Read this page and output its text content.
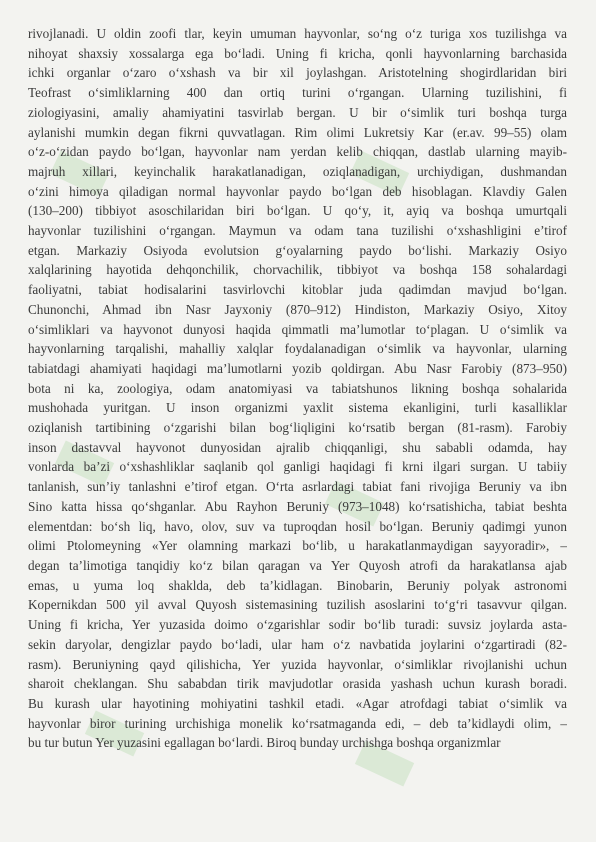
▮	▮
▮
▮
▮	▮
rivojlanadi. U oldin zoofi tlar, keyin umuman hayvonlar, so‘ng o‘z turiga xos tuzilishga va
nihoyat shaxsiy xossalarga ega bo‘ladi. Uning fi kricha, qonli hayvonlarning barchasida
ichki organlar o‘zaro o‘xshash va bir xil joylashgan. Aristotelning shogirdlaridan biri
Teofrast o‘simliklarning 400 dan ortiq turini o‘rgangan. Ularning tuzilishini, fi
ziologiyasini, amaliy ahamiyatini tasvirlab bergan. U bir o‘simlik turi boshqa turga
aylanishi mumkin degan fikrni quvvatlagan. Rim olimi Lukretsiy Kar (er.av. 99–55) olam
o‘z-o‘zidan paydo bo‘lgan, hayvonlar nam yerdan kelib chiqqan, dastlab ularning mayib-
majruh xillari, keyinchalik harakatlanadigan, oziqlanadigan, urchiydigan, dushmandan
o‘zini himoya qiladigan normal hayvonlar paydo bo‘lgan deb hisoblagan. Klavdiy Galen
(130–200) tibbiyot asoschilaridan biri bo‘lgan. U qo‘y, it, ayiq va boshqa umurtqali
hayvonlar tuzilishini o‘rgangan. Maymun va odam tana tuzilishi o‘xshashligini e’tirof
etgan. Markaziy Osiyoda evolutsion g‘oyalarning paydo bo‘lishi. Markaziy Osiyo
xalqlarining hayotida dehqonchilik, chorvachilik, tibbiyot va boshqa 158 sohalardagi
faoliyatni, tabiat hodisalarini tasvirlovchi kitoblar juda qadimdan mavjud bo‘lgan.
Chunonchi, Ahmad ibn Nasr Jayxoniy (870–912) Hindiston, Markaziy Osiyo, Xitoy
o‘simliklari va hayvonot dunyosi haqida qimmatli ma’lumotlar to‘plagan. U o‘simlik va
hayvonlarning tarqalishi, mahalliy xalqlar foydalanadigan o‘simlik va hayvonlar, ularning
tabiatdagi ahamiyati haqidagi ma’lumotlarni yozib qoldirgan. Abu Nasr Farobiy (873–950)
bota ni ka, zoologiya, odam anatomiyasi va tabiatshunos likning boshqa sohalarida
mushohada yuritgan. U inson organizmi yaxlit sistema ekanligini, turli kasalliklar
oziqlanish tartibining o‘zgarishi bilan bog‘liqligini ko‘rsatib bergan (81-rasm). Farobiy
inson dastavval hayvonot dunyosidan ajralib chiqqanligi, shu sababli odamda, hay
vonlarda ba’zi o‘xshashliklar saqlanib qol ganligi haqidagi fi krni ilgari surgan. U tabiiy
tanlanish, sun’iy tanlashni e’tirof etgan. O‘rta asrlardagi tabiat fani rivojiga Beruniy va ibn
Sino katta hissa qo‘shganlar. Abu Rayhon Beruniy (973–1048) ko‘rsatishicha, tabiat beshta
elementdan: bo‘sh liq, havo, olov, suv va tuproqdan hosil bo‘lgan. Beruniy qadimgi yunon
olimi Ptolomeyning «Yer olamning markazi bo‘lib, u harakatlanmaydigan sayyoradir», –
degan ta’limotiga tanqidiy ko‘z bilan qaragan va Yer Quyosh atrofi da harakatlansa ajab
emas, u yuma loq shaklda, deb ta’kidlagan. Binobarin, Beruniy polyak astronomi
Kopernikdan 500 yil avval Quyosh sistemasining tuzilish asoslarini to‘g‘ri tasavvur qilgan.
Uning fi kricha, Yer yuzasida doimo o‘zgarishlar sodir bo‘lib turadi: suvsiz joylarda asta-
sekin daryolar, dengizlar paydo bo‘ladi, ular ham o‘z navbatida joylarini o‘zgartiradi (82-
rasm). Beruniyning qayd qilishicha, Yer yuzida hayvonlar, o‘simliklar rivojlanishi uchun
sharoit cheklangan. Shu sababdan tirik mavjudotlar orasida yashash uchun kurash boradi.
Bu kurash ular hayotining mohiyatini tashkil etadi. «Agar atrofdagi tabiat o‘simlik va
hayvonlar biror turining urchishiga monelik ko‘rsatmaganda edi, – deb ta’kidlaydi olim, –
bu tur butun Yer yuzasini egallagan bo‘lardi. Biroq bunday urchishga boshqa organizmlar
